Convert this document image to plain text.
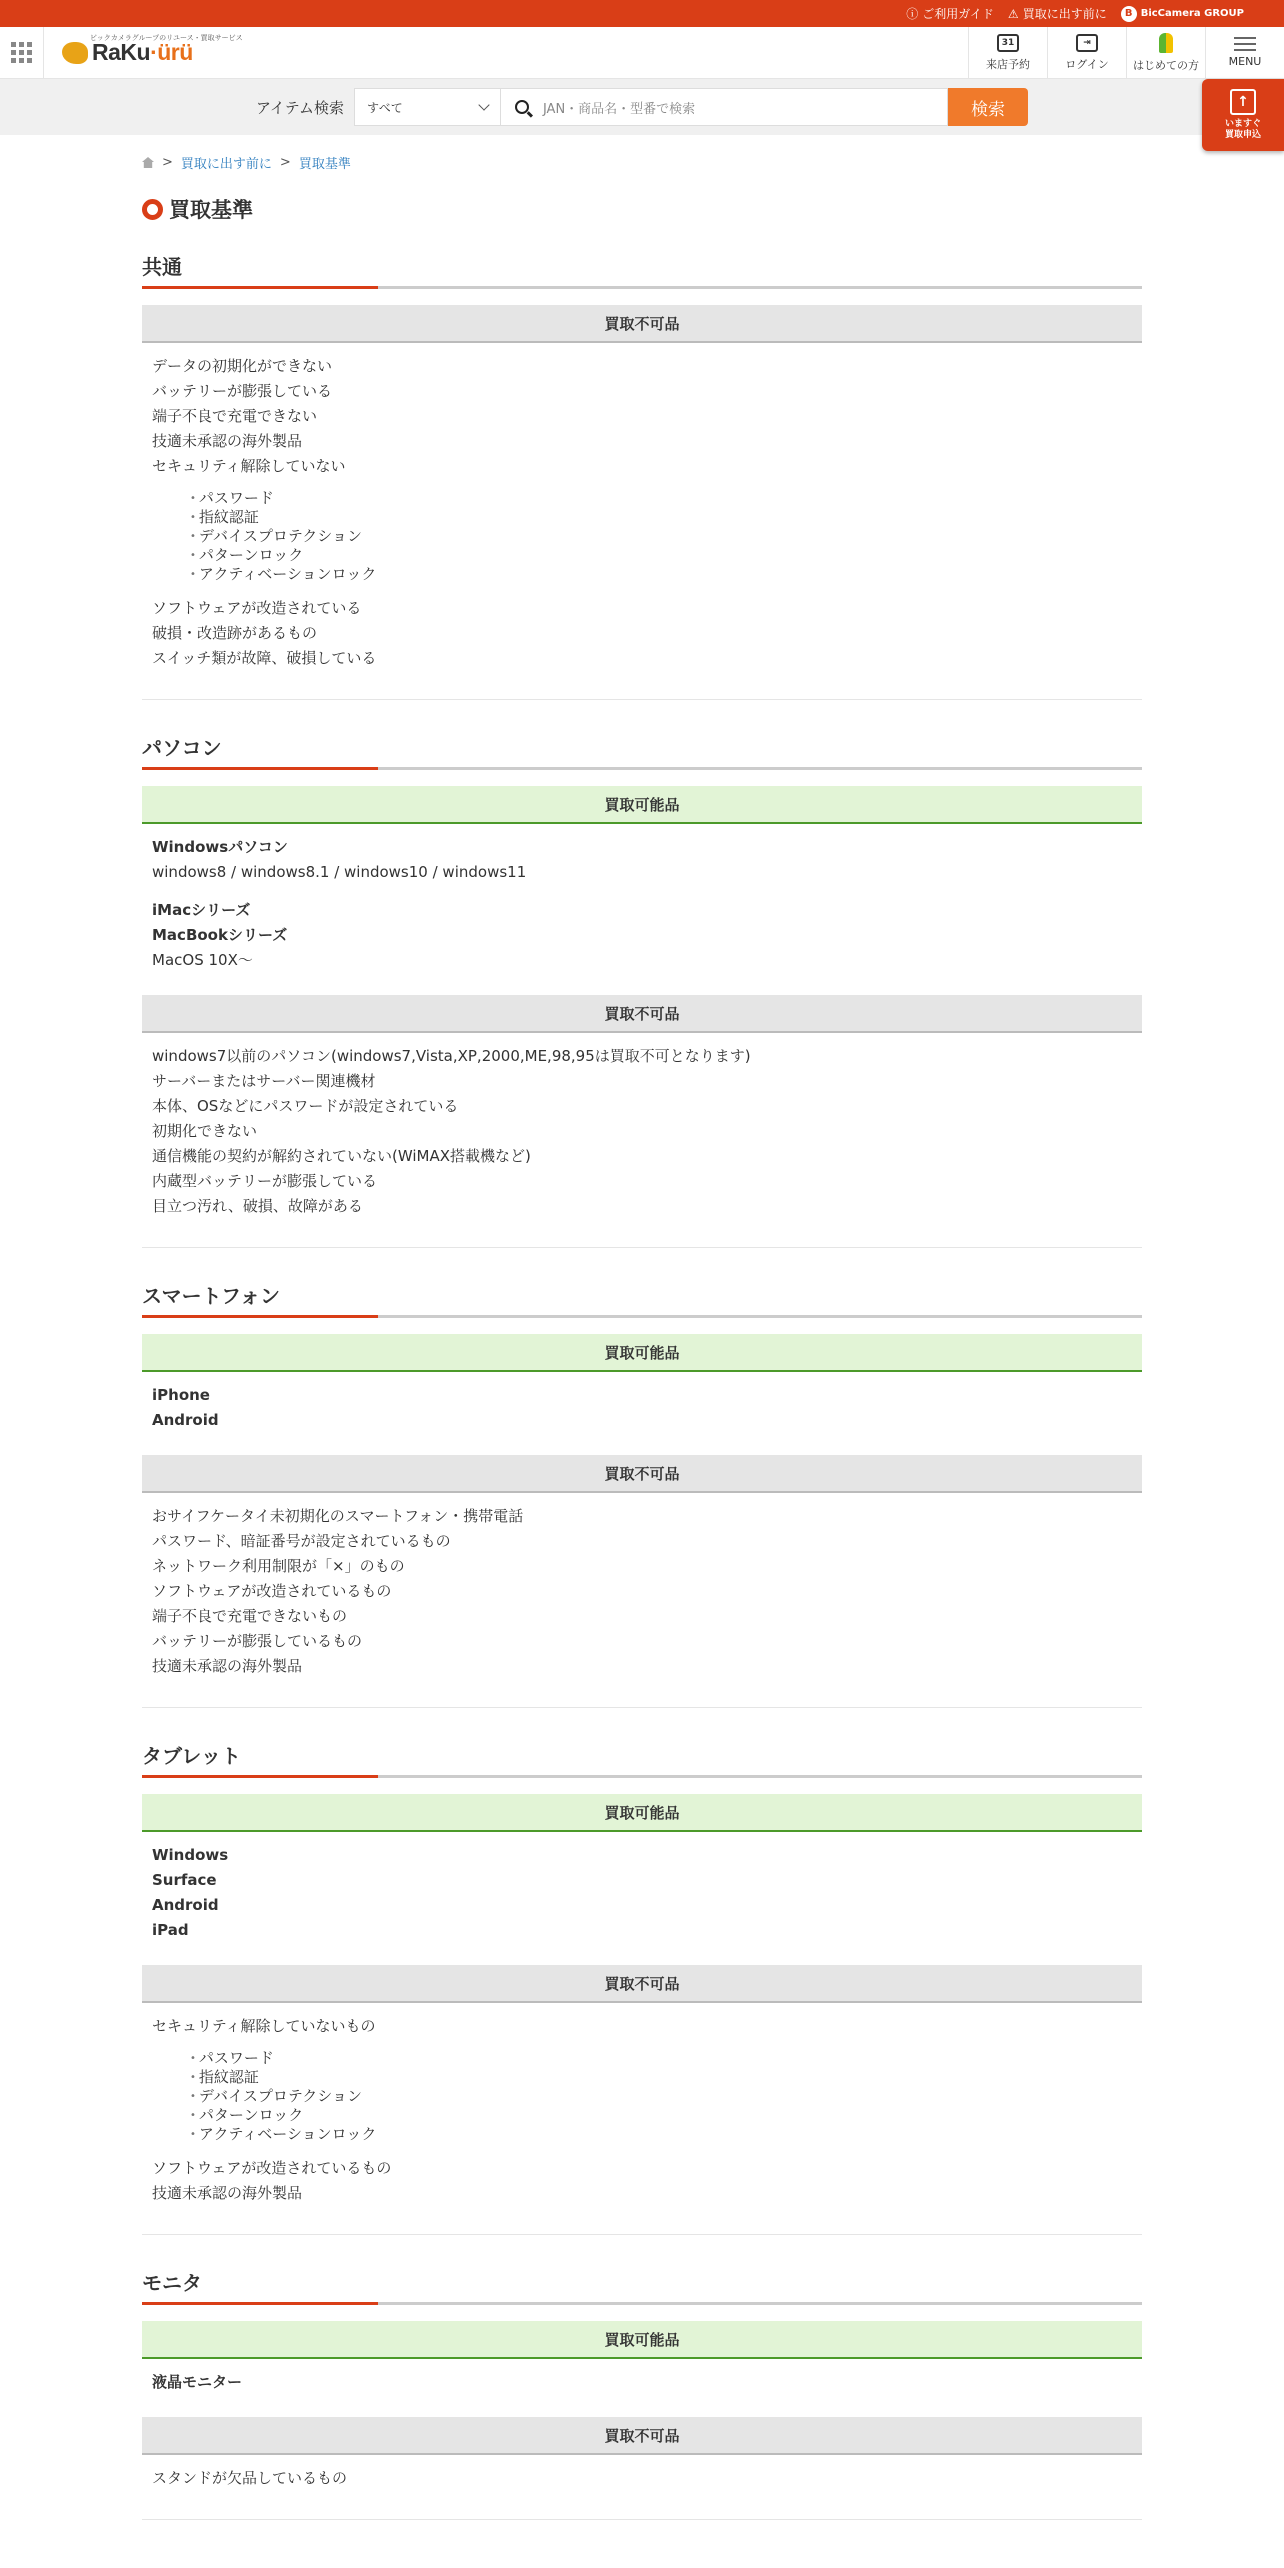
ⓘ ご利用ガイド ⚠ 買取に出す前に	B BicCamera GROUP
RaKu·ürü
ビックカメラグループのリユース・買取サービス	31
来店予約
⇥
ログイン はじめての方	MENU
アイテム検索 すべて	JAN・商品名・型番で検索	検索	↑
いますぐ
買取申込
> 買取に出す前に > 買取基準
買取基準
共通
買取不可品
データの初期化ができない
バッテリーが膨張している
端子不良で充電できない
技適未承認の海外製品
セキュリティ解除していない
• パスワード
• 指紋認証
• デバイスプロテクション
• パターンロック
• アクティベーションロック
ソフトウェアが改造されている
破損・改造跡があるもの
スイッチ類が故障、破損している
パソコン
買取可能品
Windowsパソコン
windows8 / windows8.1 / windows10 / windows11
iMacシリーズ
MacBookシリーズ
MacOS 10X～
買取不可品
windows7以前のパソコン(windows7,Vista,XP,2000,ME,98,95は買取不可となります)
サーバーまたはサーバー関連機材
本体、OSなどにパスワードが設定されている
初期化できない
通信機能の契約が解約されていない(WiMAX搭載機など)
内蔵型バッテリーが膨張している
目立つ汚れ、破損、故障がある
スマートフォン
買取可能品
iPhone
Android
買取不可品
おサイフケータイ未初期化のスマートフォン・携帯電話
パスワード、暗証番号が設定されているもの
ネットワーク利用制限が「×」のもの
ソフトウェアが改造されているもの
端子不良で充電できないもの
バッテリーが膨張しているもの
技適未承認の海外製品
タブレット
買取可能品
Windows
Surface
Android
iPad
買取不可品
セキュリティ解除していないもの
• パスワード
• 指紋認証
• デバイスプロテクション
• パターンロック
• アクティベーションロック
ソフトウェアが改造されているもの
技適未承認の海外製品
モニタ
買取可能品
液晶モニター
買取不可品
スタンドが欠品しているもの
